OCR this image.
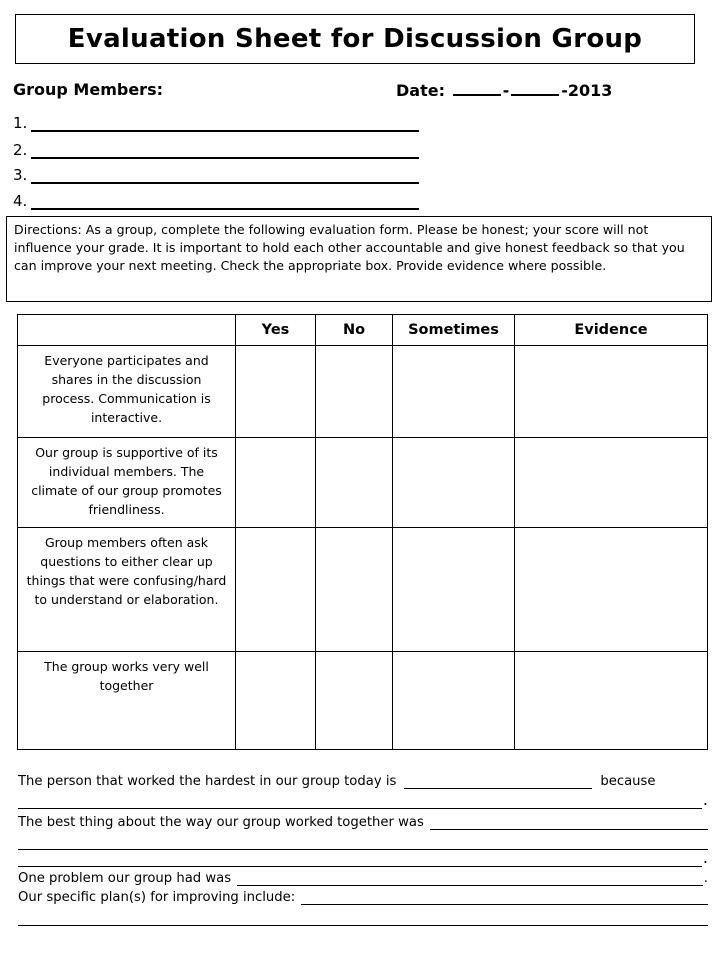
Evaluation Sheet for Discussion Group
Group Members:	Date:	-	-2013
1.
2.
3.
4.
Directions: As a group, complete the following evaluation form. Please be honest; your score will not influence your grade. It is important to hold each other accountable and give honest feedback so that you can improve your next meeting. Check the appropriate box. Provide evidence where possible.
	Yes	No	Sometimes	Evidence
Everyone participates and shares in the discussion process. Communication is interactive.				
Our group is supportive of its individual members. The climate of our group promotes friendliness.				
Group members often ask questions to either clear up things that were confusing/hard to understand or elaboration.				
The group works very well together				
The person that worked the hardest in our group today is	because
.
The best thing about the way our group worked together was
.
One problem our group had was	.
Our specific plan(s) for improving include:
